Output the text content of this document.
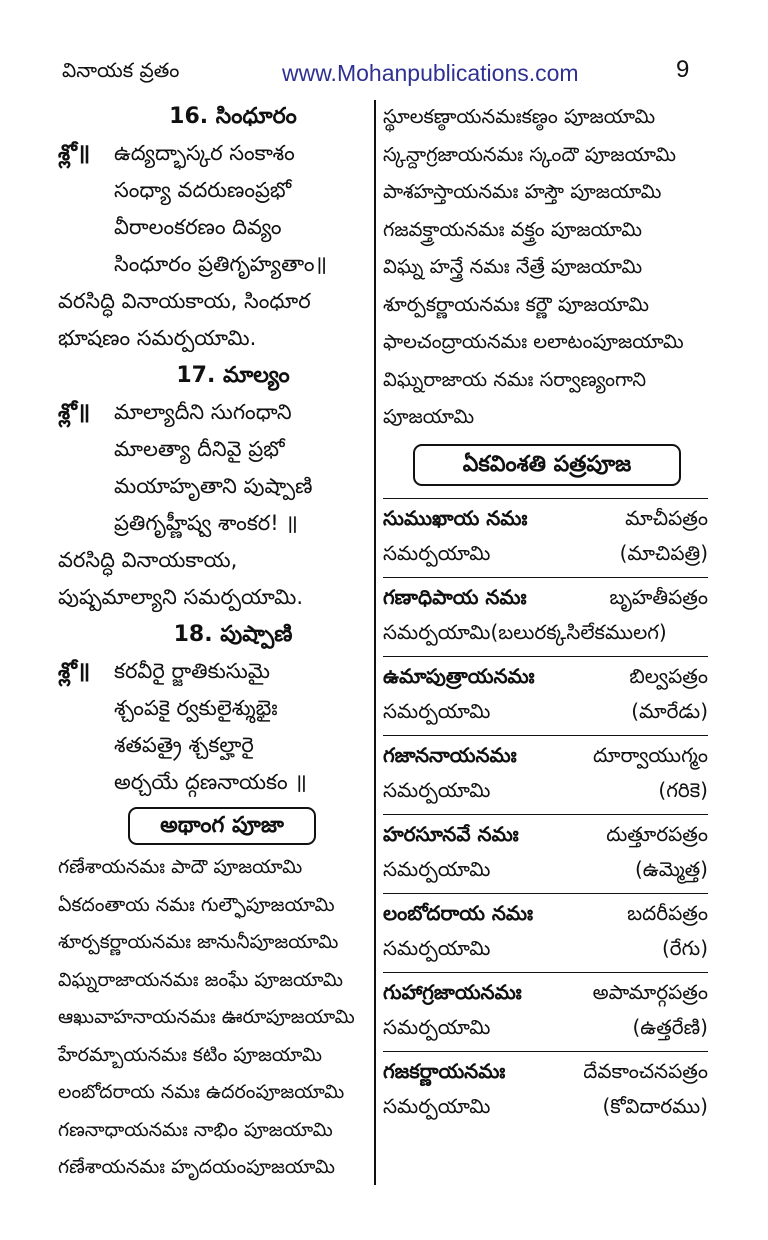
వినాయక వ్రతం	www.Mohanpublications.com	9
16. సింధూరం
శ్లో॥	ఉద్యద్భాస్కర సంకాశం
సంధ్యా వదరుణంప్రభో
వీరాలంకరణం దివ్యం
సింధూరం ప్రతిగృహ్యతాం॥
వరసిద్ధి వినాయకాయ, సింధూర
భూషణం సమర్పయామి.
17. మాల్యం
శ్లో॥	మాల్యాదీని సుగంధాని
మాలత్యా దీనివై ప్రభో
మయాహృతాని పుష్పాణి
ప్రతిగృహ్ణీష్వ శాంకర! ॥
వరసిద్ధి వినాయకాయ,
పుష్పమాల్యాని సమర్పయామి.
18. పుష్పాణి
శ్లో॥	కరవీరై ర్జాతికుసుమై
శ్చంపకై ర్వకులైశ్శుభైః
శతపత్రై శ్చకల్హారై
అర్చయే ద్గణనాయకం ॥
అథాంగ పూజా
గణేశాయనమః పాదౌ పూజయామి
ఏకదంతాయ నమః గుల్ఫౌపూజయామి
శూర్పకర్ణాయనమః జానునీపూజయామి
విఘ్నరాజాయనమః జంఘే పూజయామి
ఆఖువాహనాయనమః ఊరూపూజయామి
హేరమ్బాయనమః కటిం పూజయామి
లంబోదరాయ నమః ఉదరంపూజయామి
గణనాధాయనమః నాభిం పూజయామి
గణేశాయనమః హృదయంపూజయామి
స్థూలకణ్ఠాయనమఃకణ్ఠం పూజయామి
స్కన్దాగ్రజాయనమః స్కందౌ పూజయామి
పాశహస్తాయనమః హస్తౌ పూజయామి
గజవక్త్రాయనమః వక్త్రం పూజయామి
విఘ్న హన్త్రే నమః నేత్రే పూజయామి
శూర్పకర్ణాయనమః కర్ణౌ పూజయామి
ఫాలచంద్రాయనమః లలాటంపూజయామి
విఘ్నరాజాయ నమః సర్వాణ్యంగాని
పూజయామి
ఏకవింశతి పత్రపూజ
సుముఖాయ నమః	మాచీపత్రం
సమర్పయామి	(మాచిపత్రి)
గణాధిపాయ నమః	బృహతీపత్రం
సమర్పయామి(బలురక్కసిలేకములగ)
ఉమాపుత్రాయనమః	బిల్వపత్రం
సమర్పయామి	(మారేడు)
గజాననాయనమః	దూర్వాయుగ్మం
సమర్పయామి	(గరికె)
హరసూనవే నమః	దుత్తూరపత్రం
సమర్పయామి	(ఉమ్మెత్త)
లంబోదరాయ నమః	బదరీపత్రం
సమర్పయామి	(రేగు)
గుహాగ్రజాయనమః	అపామార్గపత్రం
సమర్పయామి	(ఉత్తరేణి)
గజకర్ణాయనమః	దేవకాంచనపత్రం
సమర్పయామి	(కోవిదారము)
